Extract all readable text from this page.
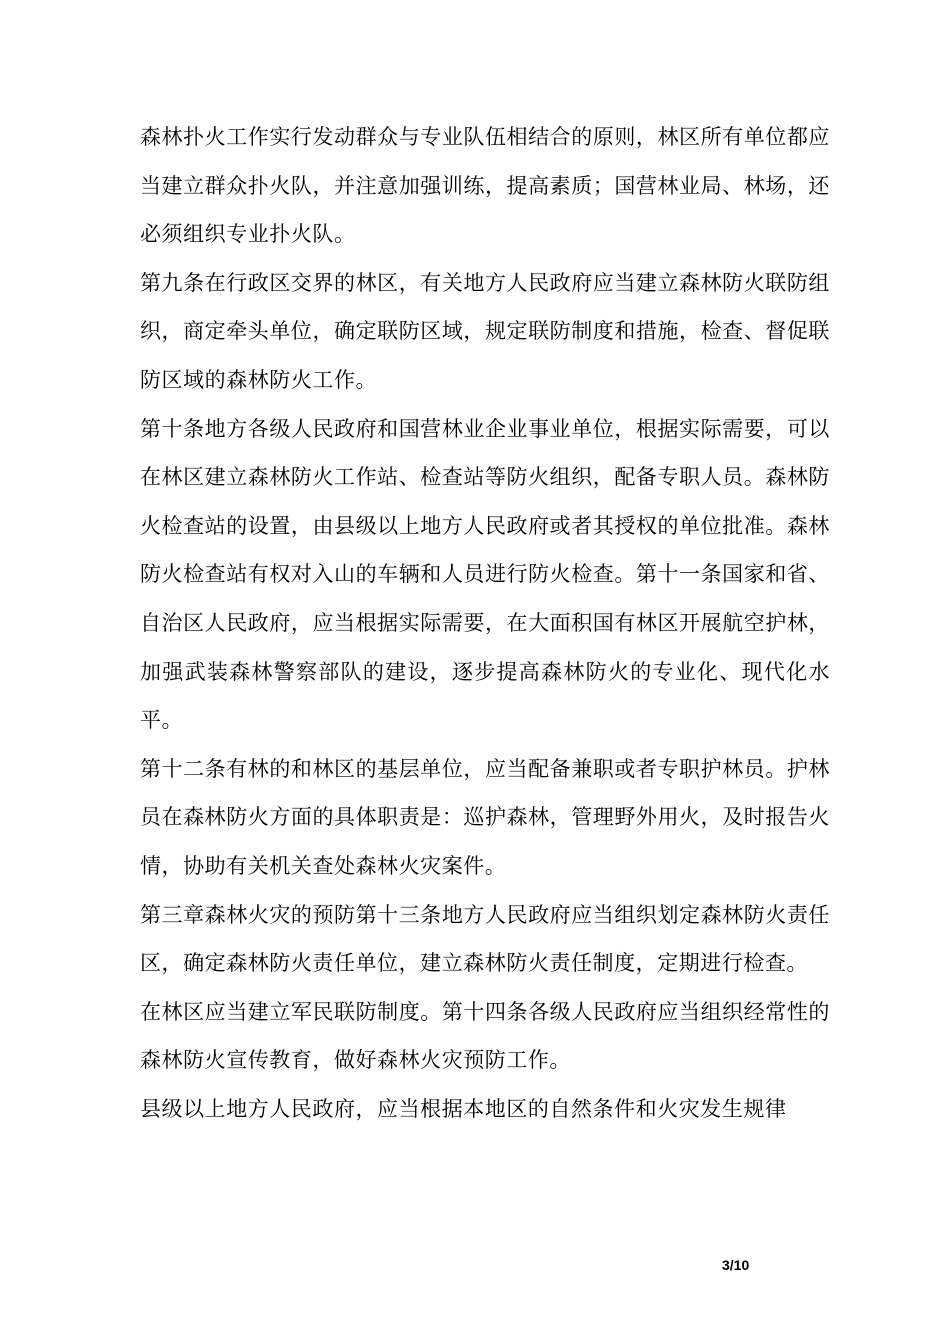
森林扑火工作实行发动群众与专业队伍相结合的原则，林区所有单位都应当建立群众扑火队，并注意加强训练，提高素质；国营林业局、林场，还必须组织专业扑火队。

第九条在行政区交界的林区，有关地方人民政府应当建立森林防火联防组织，商定牵头单位，确定联防区域，规定联防制度和措施，检查、督促联防区域的森林防火工作。

第十条地方各级人民政府和国营林业企业事业单位，根据实际需要，可以在林区建立森林防火工作站、检查站等防火组织，配备专职人员。森林防火检查站的设置，由县级以上地方人民政府或者其授权的单位批准。森林防火检查站有权对入山的车辆和人员进行防火检查。第十一条国家和省、自治区人民政府，应当根据实际需要，在大面积国有林区开展航空护林，加强武装森林警察部队的建设，逐步提高森林防火的专业化、现代化水平。

第十二条有林的和林区的基层单位，应当配备兼职或者专职护林员。护林员在森林防火方面的具体职责是：巡护森林，管理野外用火，及时报告火情，协助有关机关查处森林火灾案件。

第三章森林火灾的预防第十三条地方人民政府应当组织划定森林防火责任区，确定森林防火责任单位，建立森林防火责任制度，定期进行检查。

在林区应当建立军民联防制度。第十四条各级人民政府应当组织经常性的森林防火宣传教育，做好森林火灾预防工作。

县级以上地方人民政府，应当根据本地区的自然条件和火灾发生规律

3/10
